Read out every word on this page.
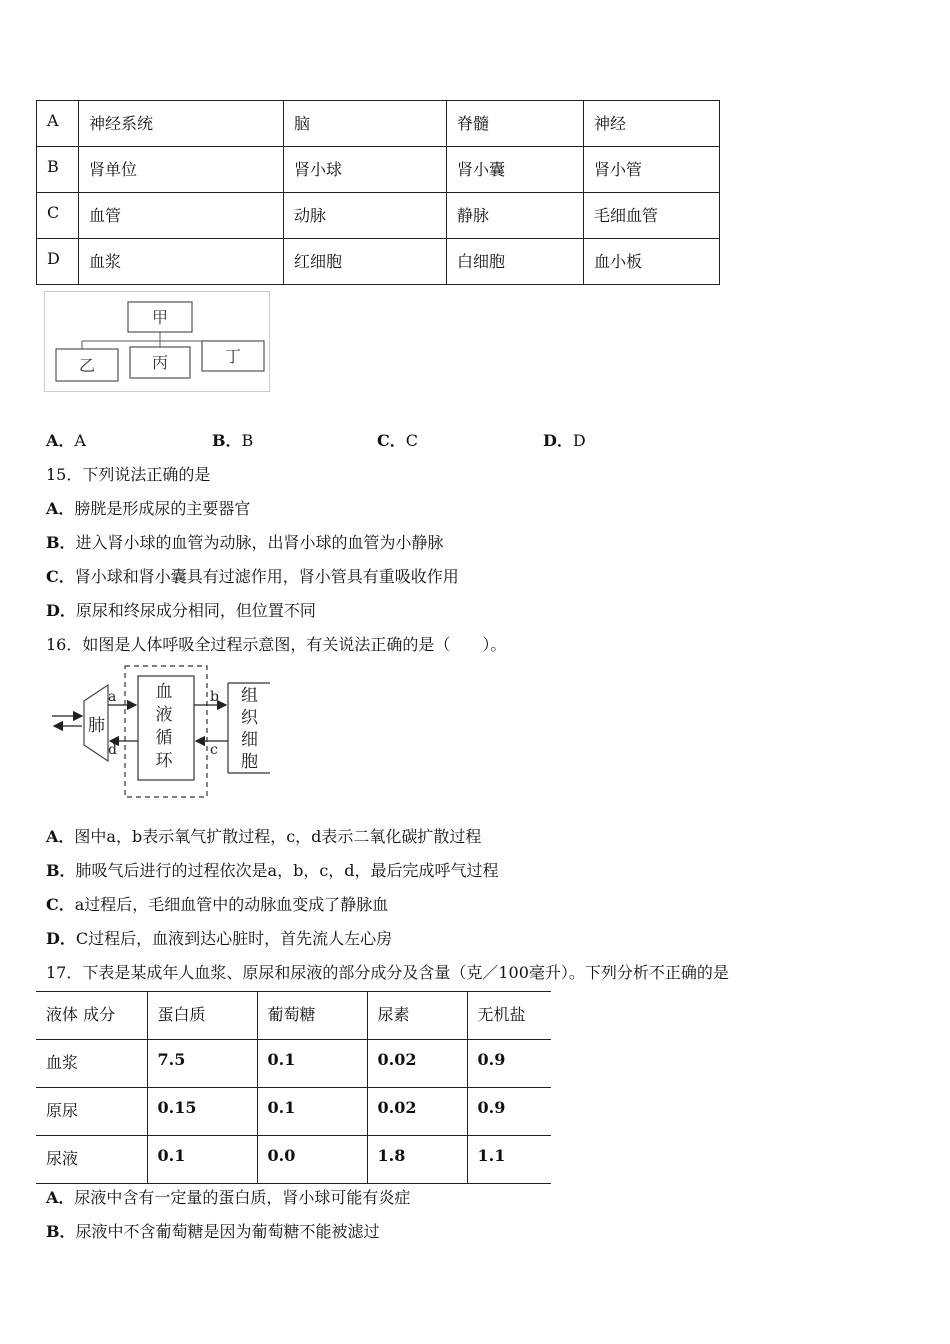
A	神经系统	脑	脊髓	神经
B	肾单位	肾小球	肾小囊	肾小管
C	血管	动脉	静脉	毛细血管
D	血浆	红细胞	白细胞	血小板
甲
乙	丙	丁
A．A	B．B	C．C	D．D
15．下列说法正确的是
A．膀胱是形成尿的主要器官
B．进入肾小球的血管为动脉，出肾小球的血管为小静脉
C．肾小球和肾小囊具有过滤作用，肾小管具有重吸收作用
D．原尿和终尿成分相同，但位置不同
16．如图是人体呼吸全过程示意图，有关说法正确的是（　　）。
肺
血
液
循
环
a
d
组
织
细
胞
b
c
A．图中a，b表示氧气扩散过程，c，d表示二氧化碳扩散过程
B．肺吸气后进行的过程依次是a，b，c，d，最后完成呼气过程
C．a过程后，毛细血管中的动脉血变成了静脉血
D．C过程后，血液到达心脏时，首先流人左心房
17．下表是某成年人血浆、原尿和尿液的部分成分及含量（克／100毫升）。下列分析不正确的是
液体 成分	蛋白质	葡萄糖	尿素	无机盐
血浆	7.5	0.1	0.02	0.9
原尿	0.15	0.1	0.02	0.9
尿液	0.1	0.0	1.8	1.1
A．尿液中含有一定量的蛋白质，肾小球可能有炎症
B．尿液中不含葡萄糖是因为葡萄糖不能被滤过
